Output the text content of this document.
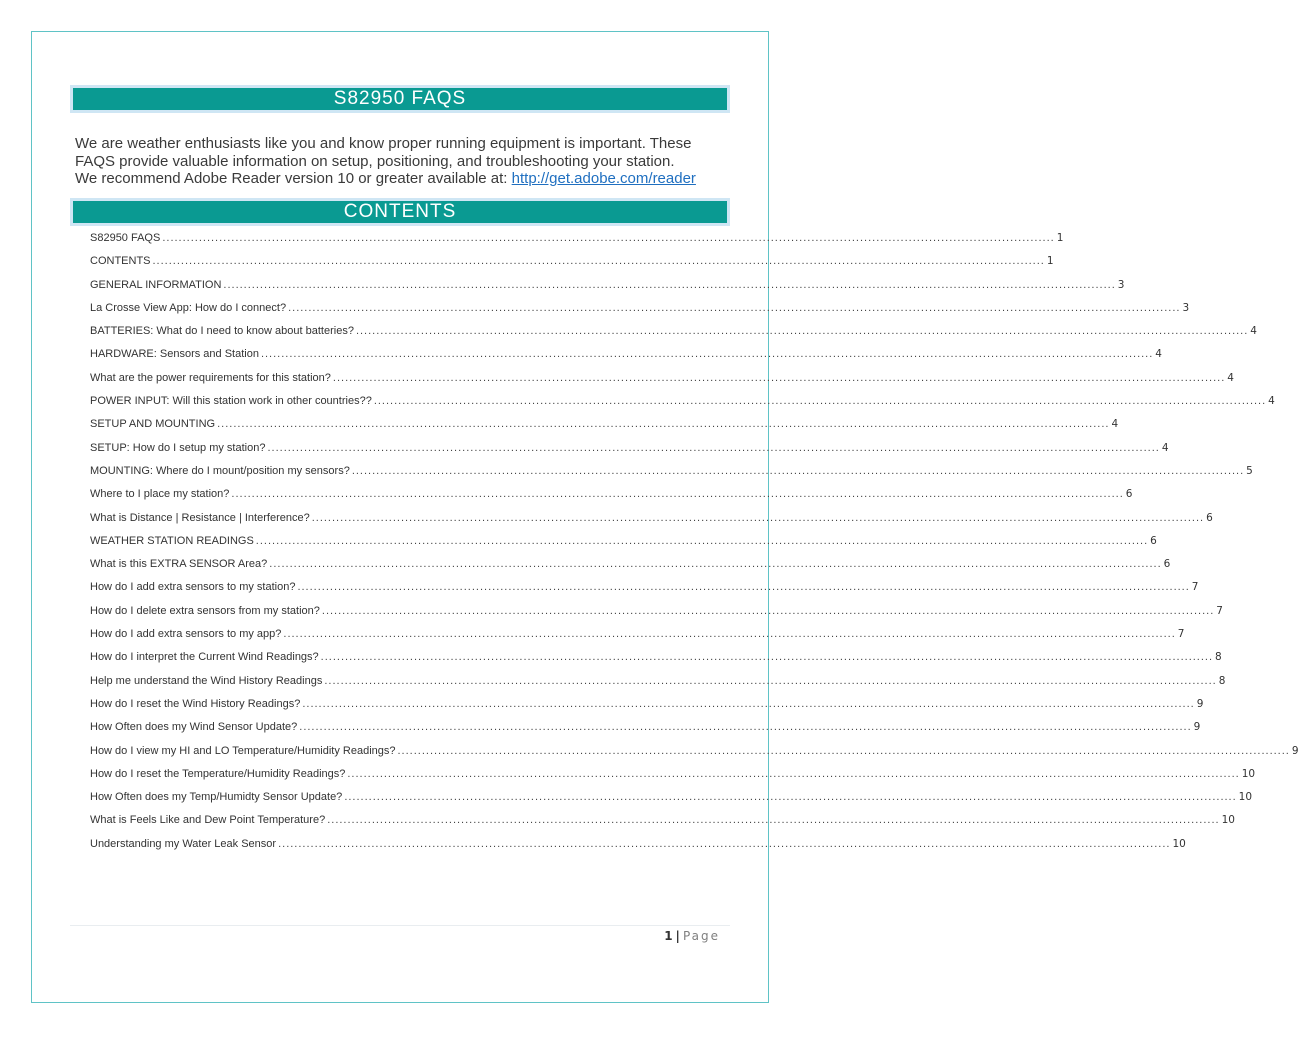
S82950 FAQS
We are weather enthusiasts like you and know proper running equipment is important. These
FAQS provide valuable information on setup, positioning, and troubleshooting your station.
We recommend Adobe Reader version 10 or greater available at: http://get.adobe.com/reader
CONTENTS
S82950 FAQS ............................................................................................................................................................................................................................ 1
CONTENTS ............................................................................................................................................................................................................................ 1
GENERAL INFORMATION ............................................................................................................................................................................................................................ 3
La Crosse View App: How do I connect? ............................................................................................................................................................................................................................ 3
BATTERIES: What do I need to know about batteries? ............................................................................................................................................................................................................................ 4
HARDWARE: Sensors and Station ............................................................................................................................................................................................................................ 4
What are the power requirements for this station? ............................................................................................................................................................................................................................ 4
POWER INPUT: Will this station work in other countries?? ............................................................................................................................................................................................................................ 4
SETUP AND MOUNTING ............................................................................................................................................................................................................................ 4
SETUP: How do I setup my station? ............................................................................................................................................................................................................................ 4
MOUNTING: Where do I mount/position my sensors? ............................................................................................................................................................................................................................ 5
Where to I place my station? ............................................................................................................................................................................................................................ 6
What is Distance | Resistance | Interference? ............................................................................................................................................................................................................................ 6
WEATHER STATION READINGS ............................................................................................................................................................................................................................ 6
What is this EXTRA SENSOR Area? ............................................................................................................................................................................................................................ 6
How do I add extra sensors to my station? ............................................................................................................................................................................................................................ 7
How do I delete extra sensors from my station? ............................................................................................................................................................................................................................ 7
How do I add extra sensors to my app? ............................................................................................................................................................................................................................ 7
How do I interpret the Current Wind Readings? ............................................................................................................................................................................................................................ 8
Help me understand the Wind History Readings ............................................................................................................................................................................................................................ 8
How do I reset the Wind History Readings? ............................................................................................................................................................................................................................ 9
How Often does my Wind Sensor Update? ............................................................................................................................................................................................................................ 9
How do I view my HI and LO Temperature/Humidity Readings? ............................................................................................................................................................................................................................ 9
How do I reset the Temperature/Humidity Readings? ............................................................................................................................................................................................................................ 10
How Often does my Temp/Humidty Sensor Update? ............................................................................................................................................................................................................................ 10
What is Feels Like and Dew Point Temperature? ............................................................................................................................................................................................................................ 10
Understanding my Water Leak Sensor ............................................................................................................................................................................................................................ 10
1 | Page
